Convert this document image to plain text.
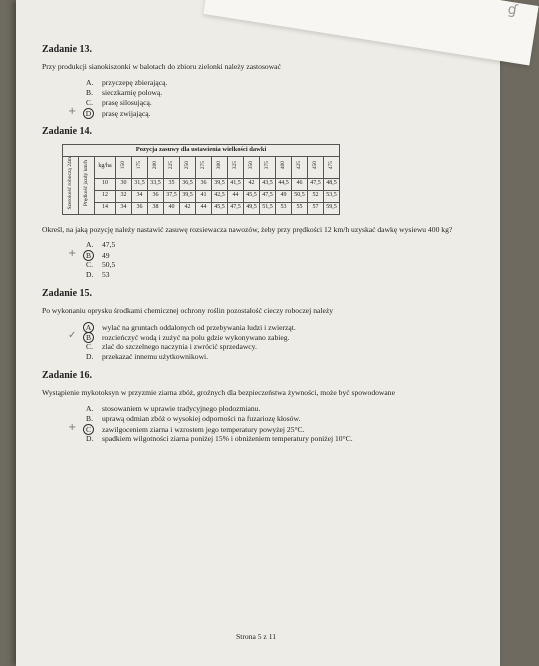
ɠ
Zadanie 13.

Przy produkcji sianokiszonki w balotach do zbioru zielonki należy zastosować

A. przyczepę zbierającą.
B. sieczkarnię polową.
C. prasę silosującą.
+ D prasę zwijającą.
Zadanie 14.
Pozycja zasuwy dla ustawienia wielkości dawki																
Szerokość roboczą 24m	Prędkość jazdy km/h	kg/ha	150	175	200	225	250	275	300	325	350	375	400	425	450	475
		10	30	31,5	33,5	35	36,5	36	39,5	41,5	42	43,5	44,5	46	47,5	48,5
		12	32	34	36	37,5	39,5	41	42,5	44	45,5	47,5	49	50,5	52	53,5
		14	34	36	38	40	42	44	45,5	47,5	49,5	51,5	53	55	57	59,5

Określ, na jaką pozycję należy nastawić zasuwę rozsiewacza nawozów, żeby przy prędkości 12 km/h uzyskać dawkę wysiewu 400 kg?

A. 47,5
+ B 49
C. 50,5
D. 53
Zadanie 15.

Po wykonaniu oprysku środkami chemicznej ochrony roślin pozostałość cieczy roboczej należy

A wylać na gruntach oddalonych od przebywania ludzi i zwierząt.
✓ B rozcieńczyć wodą i zużyć na polu gdzie wykonywano zabieg.
C. zlać do szczelnego naczynia i zwrócić sprzedawcy.
D. przekazać innemu użytkownikowi.
Zadanie 16.

Wystąpienie mykotoksyn w przyzmie ziarna zbóż, groźnych dla bezpieczeństwa żywności, może być spowodowane

A. stosowaniem w uprawie tradycyjnego płodozmianu.
B. uprawą odmian zbóż o wysokiej odporności na fuzariozę kłosów.
+ C zawilgoceniem ziarna i wzrostem jego temperatury powyżej 25°C.
D. spadkiem wilgotności ziarna poniżej 15% i obniżeniem temperatury poniżej 10°C.
Strona 5 z 11
